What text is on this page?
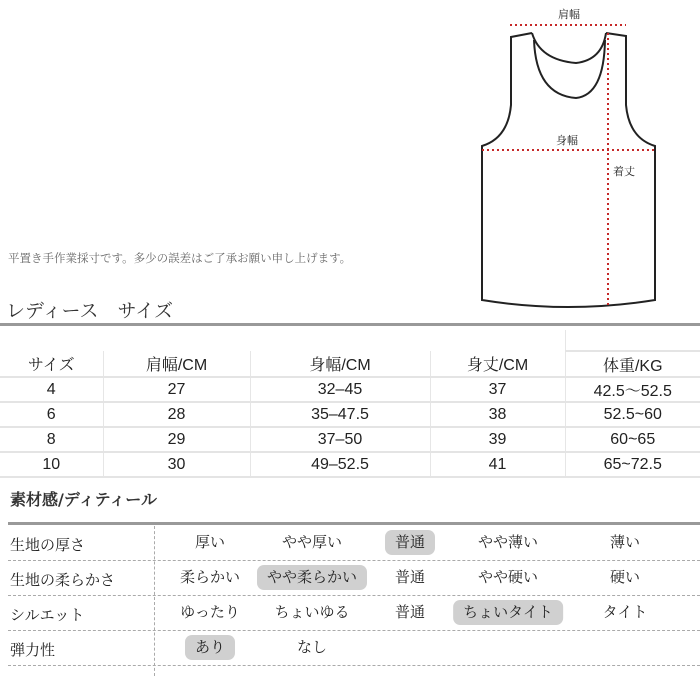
肩幅
身幅
着丈
平置き手作業採寸です。多少の誤差はご了承お願い申し上げます。
レディース　サイズ

サイズ	肩幅/CM	身幅/CM	身丈/CM	体重/KG
4	27	32–45	37	42.5～52.5
6	28	35–47.5	38	52.5~60
8	29	37–50	39	60~65
10	30	49–52.5	41	65~72.5
素材感/ディティール
生地の厚さ	厚い	やや厚い	普通	やや薄い	薄い
生地の柔らかさ	柔らかい	やや柔らかい	普通	やや硬い	硬い
シルエット	ゆったり	ちょいゆる	普通	ちょいタイト	タイト
弾力性	あり	なし
